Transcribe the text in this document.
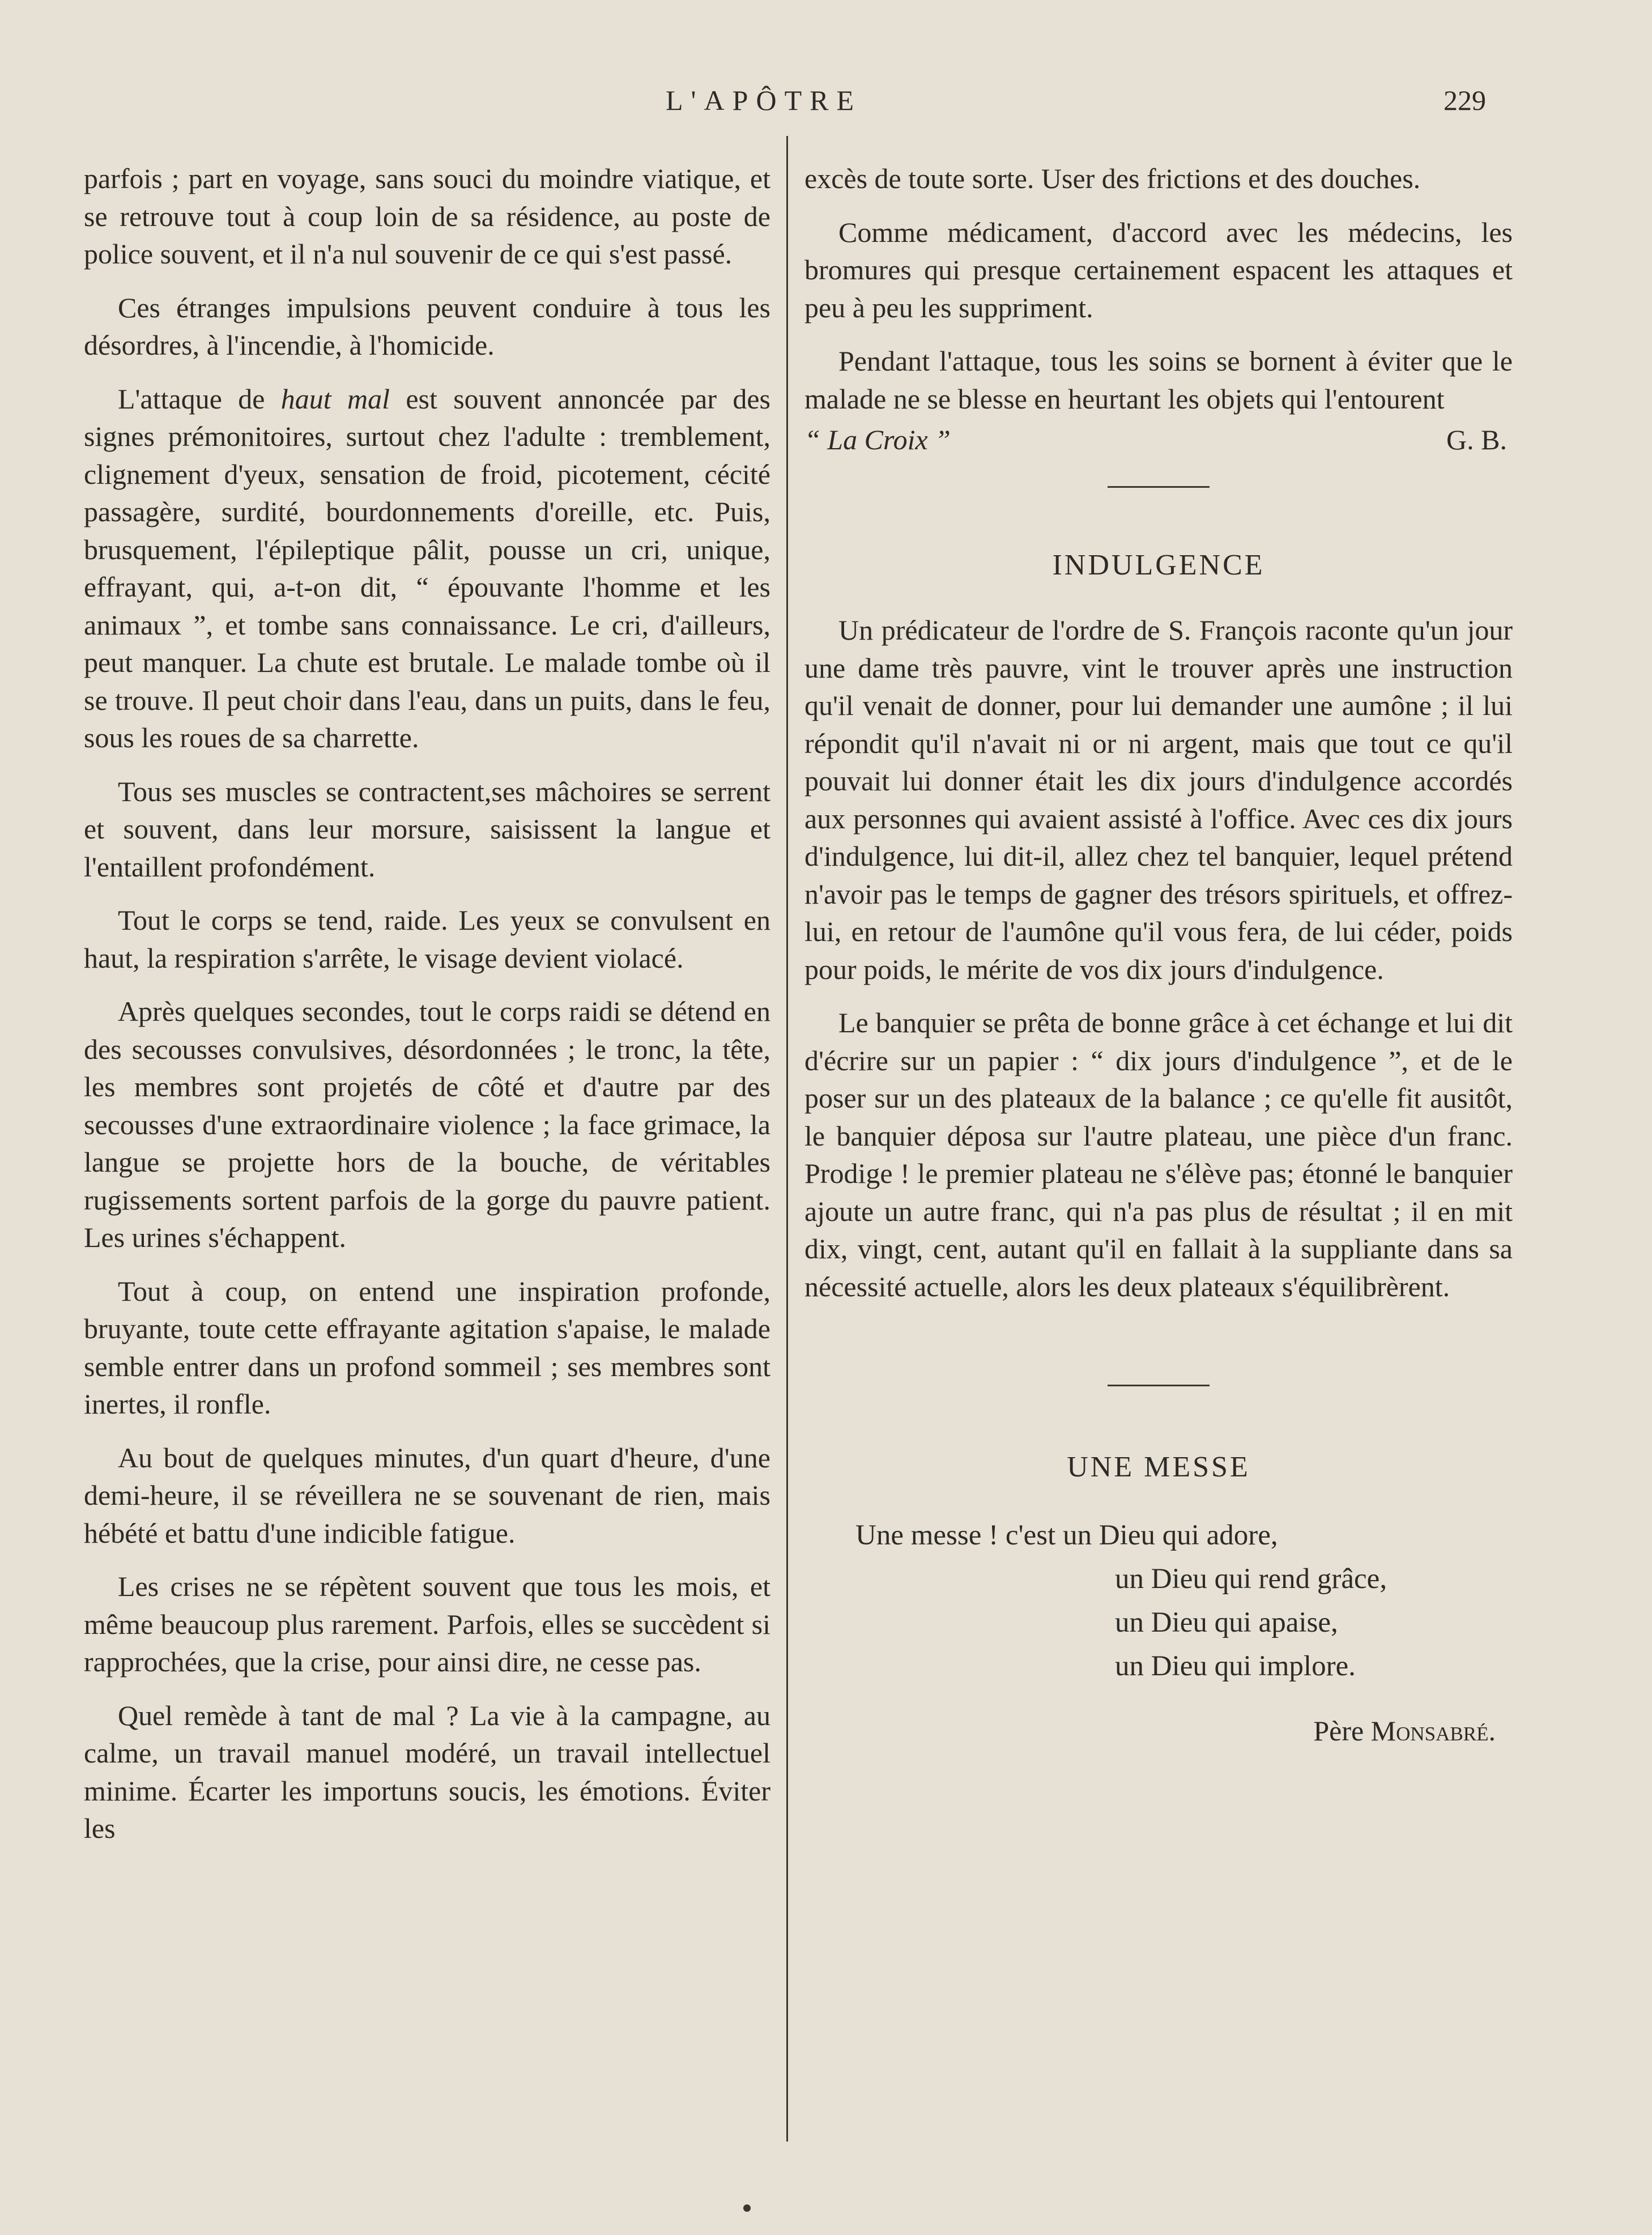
L'APÔTRE	229

parfois ; part en voyage, sans souci du moindre viatique, et se retrouve tout à coup loin de sa résidence, au poste de police souvent, et il n'a nul souvenir de ce qui s'est passé.

Ces étranges impulsions peuvent conduire à tous les désordres, à l'incendie, à l'homicide.

L'attaque de haut mal est souvent annoncée par des signes prémonitoires, surtout chez l'adulte : tremblement, clignement d'yeux, sensation de froid, picotement, cécité passagère, surdité, bourdonnements d'oreille, etc. Puis, brusquement, l'épileptique pâlit, pousse un cri, unique, effrayant, qui, a-t-on dit, “ épouvante l'homme et les animaux ”, et tombe sans connaissance. Le cri, d'ailleurs, peut manquer. La chute est brutale. Le malade tombe où il se trouve. Il peut choir dans l'eau, dans un puits, dans le feu, sous les roues de sa charrette.

Tous ses muscles se contractent,ses mâchoires se serrent et souvent, dans leur morsure, saisissent la langue et l'entaillent profondément.

Tout le corps se tend, raide. Les yeux se convulsent en haut, la respiration s'arrête, le visage devient violacé.

Après quelques secondes, tout le corps raidi se détend en des secousses convulsives, désordonnées ; le tronc, la tête, les membres sont projetés de côté et d'autre par des secousses d'une extraordinaire violence ; la face grimace, la langue se projette hors de la bouche, de véritables rugissements sortent parfois de la gorge du pauvre patient. Les urines s'échappent.

Tout à coup, on entend une inspiration profonde, bruyante, toute cette effrayante agitation s'apaise, le malade semble entrer dans un profond sommeil ; ses membres sont inertes, il ronfle.

Au bout de quelques minutes, d'un quart d'heure, d'une demi-heure, il se réveillera ne se souvenant de rien, mais hébété et battu d'une indicible fatigue.

Les crises ne se répètent souvent que tous les mois, et même beaucoup plus rarement. Parfois, elles se succèdent si rapprochées, que la crise, pour ainsi dire, ne cesse pas.

Quel remède à tant de mal ? La vie à la campagne, au calme, un travail manuel modéré, un travail intellectuel minime. Écarter les importuns soucis, les émotions. Éviter les

excès de toute sorte. User des frictions et des douches.

Comme médicament, d'accord avec les médecins, les bromures qui presque certainement espacent les attaques et peu à peu les suppriment.

Pendant l'attaque, tous les soins se bornent à éviter que le malade ne se blesse en heurtant les objets qui l'entourent

“ La Croix ”	G. B.
INDULGENCE

Un prédicateur de l'ordre de S. François raconte qu'un jour une dame très pauvre, vint le trouver après une instruction qu'il venait de donner, pour lui demander une aumône ; il lui répondit qu'il n'avait ni or ni argent, mais que tout ce qu'il pouvait lui donner était les dix jours d'indulgence accordés aux personnes qui avaient assisté à l'office. Avec ces dix jours d'indulgence, lui dit-il, allez chez tel banquier, lequel prétend n'avoir pas le temps de gagner des trésors spirituels, et offrez-lui, en retour de l'aumône qu'il vous fera, de lui céder, poids pour poids, le mérite de vos dix jours d'indulgence.

Le banquier se prêta de bonne grâce à cet échange et lui dit d'écrire sur un papier : “ dix jours d'indulgence ”, et de le poser sur un des plateaux de la balance ; ce qu'elle fit ausitôt, le banquier déposa sur l'autre plateau, une pièce d'un franc. Prodige ! le premier plateau ne s'élève pas; étonné le banquier ajoute un autre franc, qui n'a pas plus de résultat ; il en mit dix, vingt, cent, autant qu'il en fallait à la suppliante dans sa nécessité actuelle, alors les deux plateaux s'équilibrèrent.

UNE MESSE
Une messe ! c'est un Dieu qui adore,
un Dieu qui rend grâce,
un Dieu qui apaise,
un Dieu qui implore.
Père Monsabré.
